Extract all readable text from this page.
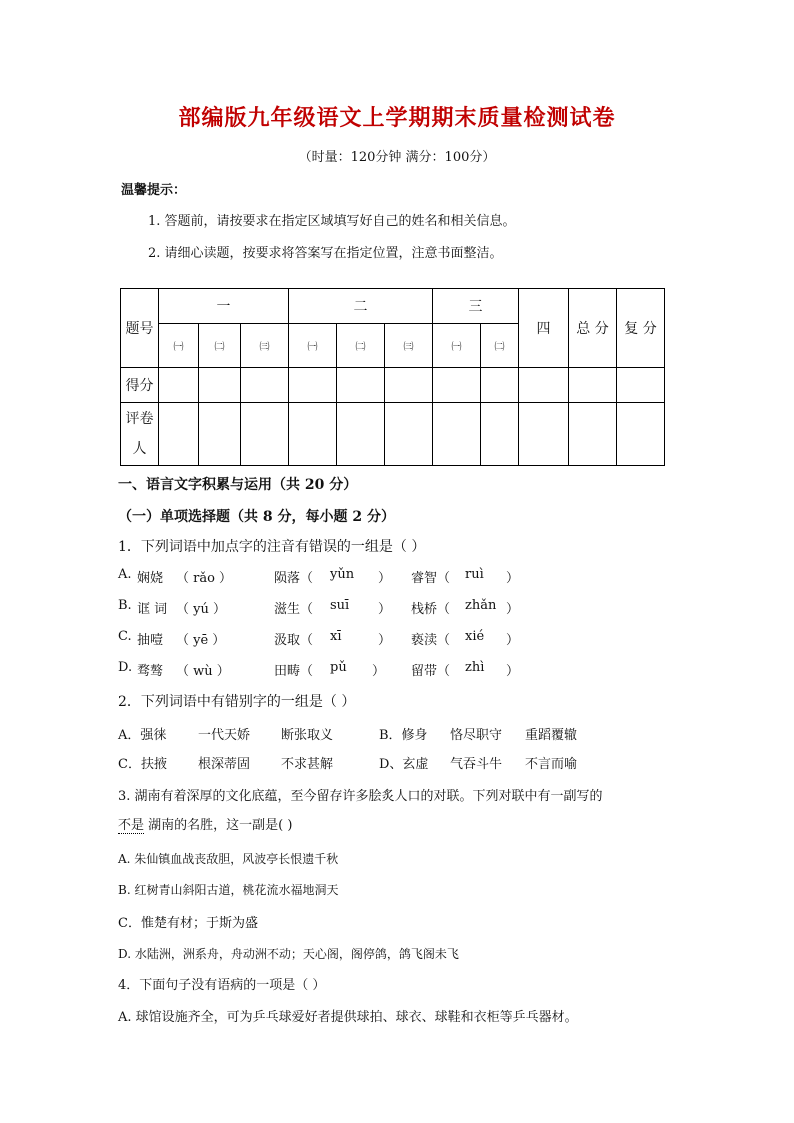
部编版九年级语文上学期期末质量检测试卷
（时量：120分钟 满分：100分）
温馨提示：
1. 答题前，请按要求在指定区域填写好自己的姓名和相关信息。
2. 请细心读题，按要求将答案写在指定位置，注意书面整洁。
题号	一			二			三		四	总 分	复 分
	㈠	㈡	㈢	㈠	㈡	㈢	㈠	㈡			
得分											
评卷
人											
一、语言文字积累与运用（共 20 分）
（一）单项选择题（共 8 分，每小题 2 分）
1．下列词语中加点字的注音有错误的一组是（ ）
A. 娴娆 （ rǎo ）	陨落（ yǔn ） 睿智（ ruì ）
B. 诓 词 （ yú ）	滋生（ suī ） 栈桥（ zhǎn ）
C. 抽噎 （ yē ）	汲取（ xī	） 亵渎（ xié ）
D. 骛骜 （ wù ）	田畴（ pǔ ） 留带（ zhì ）
2．下列词语中有错别字的一组是（ ）
A．强徕 一代天娇 断张取义	B．修身 恪尽职守 重蹈覆辙
C．扶掖 根深蒂固 不求甚解	D、玄虚 气吞斗牛 不言而喻
3. 湖南有着深厚的文化底蕴，至今留存许多脍炙人口的对联。下列对联中有一副写的
不是 湖南的名胜，这一副是( )
A. 朱仙镇血战丧敌胆，风波亭长恨遗千秋
B. 红树青山斜阳古道，桃花流水福地洞天
C．惟楚有材；于斯为盛
D. 水陆洲，洲系舟，舟动洲不动；天心阁，阁停鸽，鸽飞阁未飞
4．下面句子没有语病的一项是（ ）
A. 球馆设施齐全，可为乒乓球爱好者提供球拍、球衣、球鞋和衣柜等乒乓器材。
